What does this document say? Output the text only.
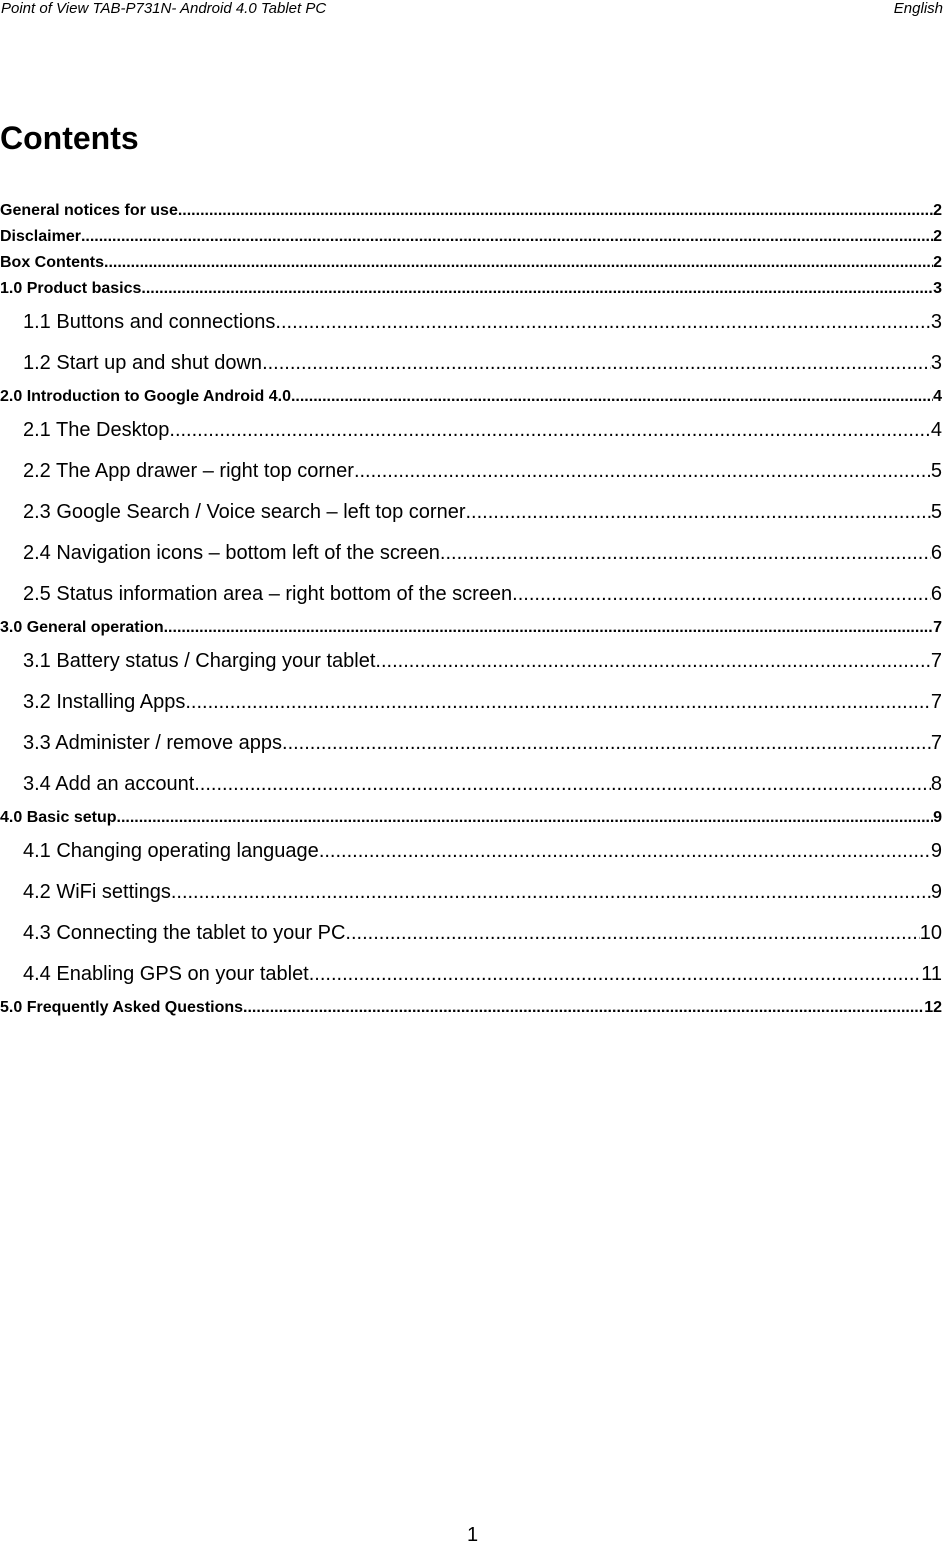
Point of View TAB-P731N- Android 4.0 Tablet PC	English
Contents
General notices for use .....	2
Disclaimer .....	2
Box Contents .....	2
1.0 Product basics .....	3
1.1 Buttons and connections .....	3
1.2 Start up and shut down .....	3
2.0 Introduction to Google Android 4.0 .....	4
2.1 The Desktop .....	4
2.2 The App drawer – right top corner .....	5
2.3 Google Search / Voice search – left top corner .....	5
2.4 Navigation icons – bottom left of the screen .....	6
2.5 Status information area – right bottom of the screen .....	6
3.0 General operation .....	7
3.1 Battery status / Charging your tablet .....	7
3.2 Installing Apps .....	7
3.3 Administer / remove apps .....	7
3.4 Add an account .....	8
4.0 Basic setup .....	9
4.1 Changing operating language .....	9
4.2 WiFi settings .....	9
4.3 Connecting the tablet to your PC .....	10
4.4 Enabling GPS on your tablet .....	11
5.0 Frequently Asked Questions .....	12
1
